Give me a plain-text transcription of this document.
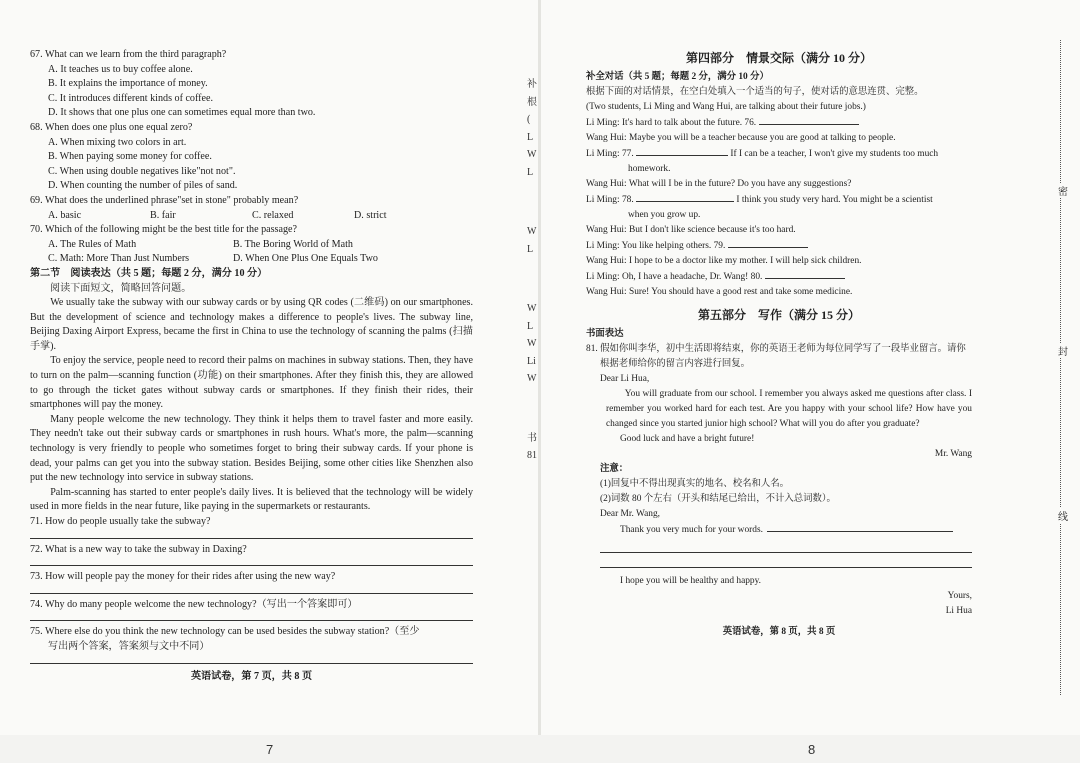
67. What can we learn from the third paragraph?

A. It teaches us to buy coffee alone.

B. It explains the importance of money.

C. It introduces different kinds of coffee.

D. It shows that one plus one can sometimes equal more than two.

68. When does one plus one equal zero?

A. When mixing two colors in art.

B. When paying some money for coffee.

C. When using double negatives like"not not".

D. When counting the number of piles of sand.

69. What does the underlined phrase"set in stone" probably mean?

A. basic	B. fair	C. relaxed	D. strict

70. Which of the following might be the best title for the passage?

A. The Rules of Math	B. The Boring World of Math
C. Math: More Than Just Numbers	D. When One Plus One Equals Two

第二节　阅读表达（共 5 题；每题 2 分，满分 10 分）

阅读下面短文，简略回答问题。

We usually take the subway with our subway cards or by using QR codes (二维码) on our smartphones. But the development of science and technology makes a difference to people's lives. The subway line, Beijing Daxing Airport Express, became the first in China to use the technology of scanning the palms (扫描手掌).

To enjoy the service, people need to record their palms on machines in subway stations. Then, they have to turn on the palm—scanning function (功能) on their smartphones. After they finish this, they are allowed to go through the ticket gates without subway cards or smartphones. If they finish their rides, their smartphones will pay the money.

Many people welcome the new technology. They think it helps them to travel faster and more easily. They needn't take out their subway cards or smartphones in rush hours. What's more, the palm—scanning technology is very friendly to people who sometimes forget to bring their subway cards. If your phone is dead, your palms can get you into the subway station. Besides Beijing, some other cities like Shenzhen also put the new technology into service in subway stations.

Palm-scanning has started to enter people's daily lives. It is believed that the technology will be widely used in more fields in the near future, like paying in the supermarkets or restaurants.

71. How do people usually take the subway?

72. What is a new way to take the subway in Daxing?

73. How will people pay the money for their rides after using the new way?

74. Why do many people welcome the new technology?（写出一个答案即可）

75. Where else do you think the new technology can be used besides the subway station?（至少

写出两个答案，答案须与文中不同）

英语试卷，第 7 页，共 8 页

补
根
(
L
W
L
W
L
W
L
W
Li
W
书
81

第四部分　情景交际（满分 10 分）

补全对话（共 5 题；每题 2 分，满分 10 分）

根据下面的对话情景，在空白处填入一个适当的句子，使对话的意思连贯、完整。

(Two students, Li Ming and Wang Hui, are talking about their future jobs.)

Li Ming: It's hard to talk about the future. 76.

Wang Hui: Maybe you will be a teacher because you are good at talking to people.

Li Ming: 77.	If I can be a teacher, I won't give my students too much

homework.

Wang Hui: What will I be in the future? Do you have any suggestions?

Li Ming: 78.	I think you study very hard. You might be a scientist

when you grow up.

Wang Hui: But I don't like science because it's too hard.

Li Ming: You like helping others. 79.

Wang Hui: I hope to be a doctor like my mother. I will help sick children.

Li Ming: Oh, I have a headache, Dr. Wang! 80.

Wang Hui: Sure! You should have a good rest and take some medicine.

第五部分　写作（满分 15 分）

书面表达

81. 假如你叫李华，初中生活即将结束，你的英语王老师为每位同学写了一段毕业留言。请你

根据老师给你的留言内容进行回复。

Dear Li Hua,

You will graduate from our school. I remember you always asked me questions after class. I remember you worked hard for each test. Are you happy with your school life? How have you changed since you started junior high school? What will you do after you graduate?

Good luck and have a bright future!

Mr. Wang

注意：

(1)回复中不得出现真实的地名、校名和人名。

(2)词数 80 个左右（开头和结尾已给出，不计入总词数）。

Dear Mr. Wang,

Thank you very much for your words.

I hope you will be healthy and happy.

Yours,

Li Hua

英语试卷，第 8 页，共 8 页

密
封
线
7	8
